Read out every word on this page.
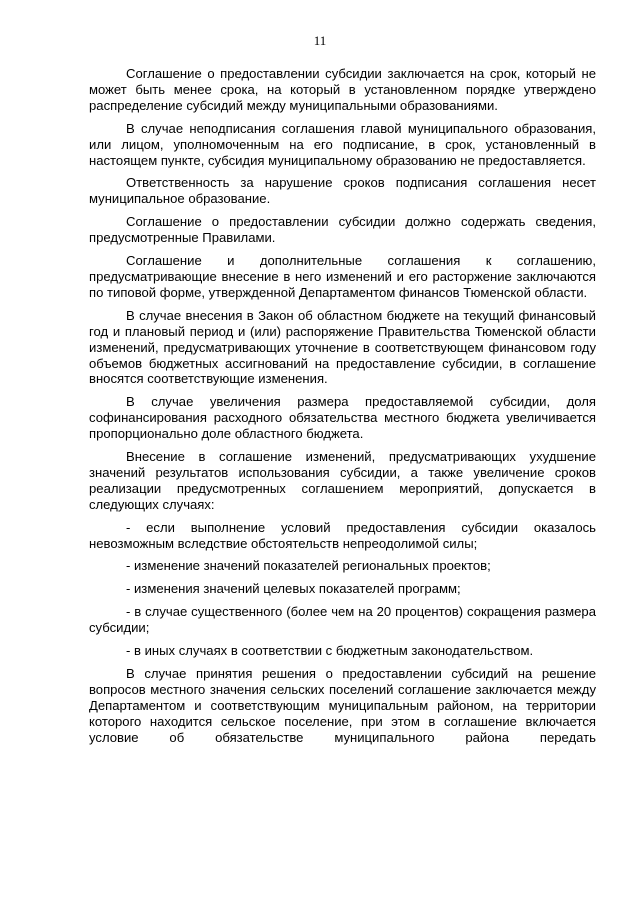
11

Соглашение о предоставлении субсидии заключается на срок, который не может быть менее срока, на который в установленном порядке утверждено распределение субсидий между муниципальными образованиями.

В случае неподписания соглашения главой муниципального образования, или лицом, уполномоченным на его подписание, в срок, установленный в настоящем пункте, субсидия муниципальному образованию не предоставляется.

Ответственность за нарушение сроков подписания соглашения несет муниципальное образование.

Соглашение о предоставлении субсидии должно содержать сведения, предусмотренные Правилами.

Соглашение и дополнительные соглашения к соглашению, предусматривающие внесение в него изменений и его расторжение заключаются по типовой форме, утвержденной Департаментом финансов Тюменской области.

В случае внесения в Закон об областном бюджете на текущий финансовый год и плановый период и (или) распоряжение Правительства Тюменской области изменений, предусматривающих уточнение в соответствующем финансовом году объемов бюджетных ассигнований на предоставление субсидии, в соглашение вносятся соответствующие изменения.

В случае увеличения размера предоставляемой субсидии, доля софинансирования расходного обязательства местного бюджета увеличивается пропорционально доле областного бюджета.

Внесение в соглашение изменений, предусматривающих ухудшение значений результатов использования субсидии, а также увеличение сроков реализации предусмотренных соглашением мероприятий, допускается в следующих случаях:

- если выполнение условий предоставления субсидии оказалось невозможным вследствие обстоятельств непреодолимой силы;

- изменение значений показателей региональных проектов;

- изменения значений целевых показателей программ;

- в случае существенного (более чем на 20 процентов) сокращения размера субсидии;

- в иных случаях в соответствии с бюджетным законодательством.

В случае принятия решения о предоставлении субсидий на решение вопросов местного значения сельских поселений соглашение заключается между Департаментом и соответствующим муниципальным районом, на территории которого находится сельское поселение, при этом в соглашение включается условие об обязательстве муниципального района передать
